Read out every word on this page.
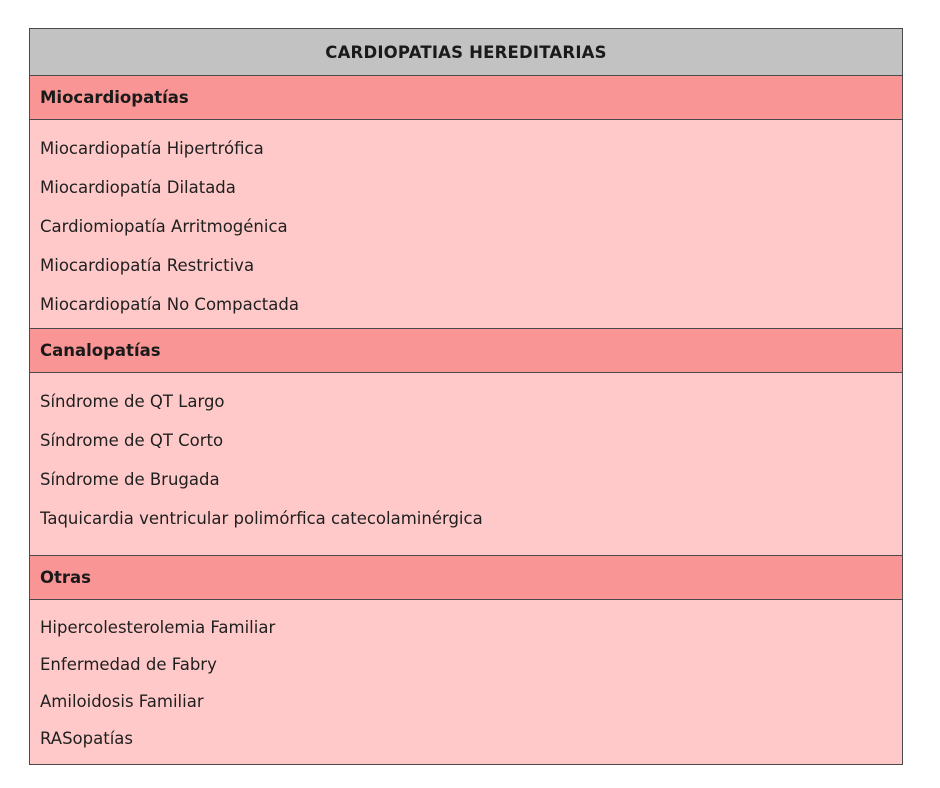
CARDIOPATIAS HEREDITARIAS
Miocardiopatías
Miocardiopatía Hipertrófica
Miocardiopatía Dilatada
Cardiomiopatía Arritmogénica
Miocardiopatía Restrictiva
Miocardiopatía No Compactada
Canalopatías
Síndrome de QT Largo
Síndrome de QT Corto
Síndrome de Brugada
Taquicardia ventricular polimórfica catecolaminérgica
Otras
Hipercolesterolemia Familiar
Enfermedad de Fabry
Amiloidosis Familiar
RASopatías
